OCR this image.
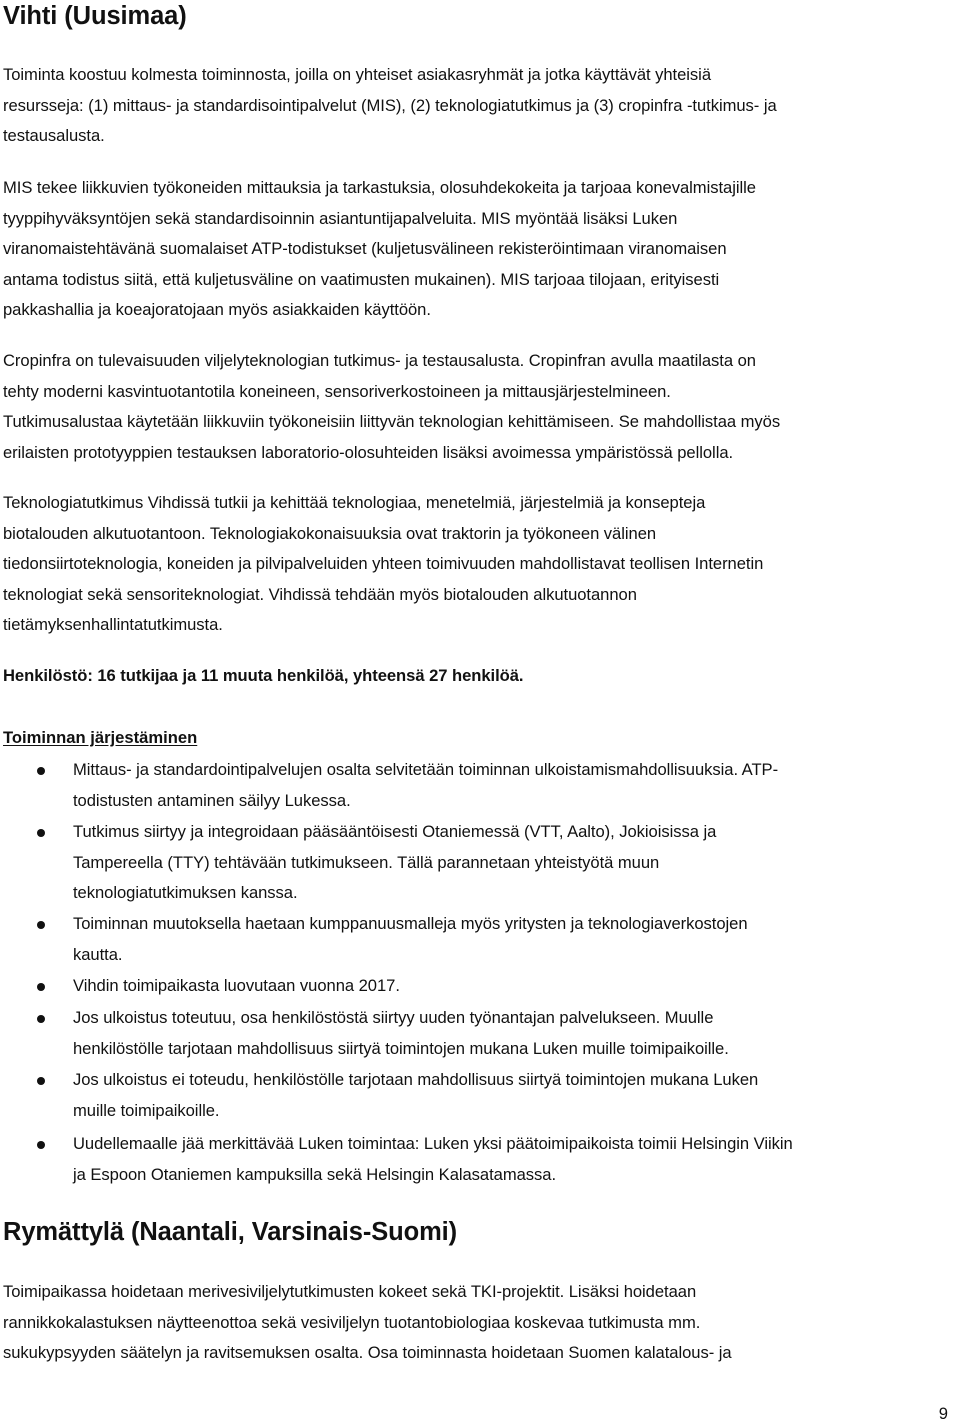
Vihti (Uusimaa)
Toiminta koostuu kolmesta toiminnosta, joilla on yhteiset asiakasryhmät ja jotka käyttävät yhteisiä
resursseja: (1) mittaus- ja standardisointipalvelut (MIS), (2) teknologiatutkimus ja (3) cropinfra -tutkimus- ja
testausalusta.
MIS tekee liikkuvien työkoneiden mittauksia ja tarkastuksia, olosuhdekokeita ja tarjoaa konevalmistajille
tyyppihyväksyntöjen sekä standardisoinnin asiantuntijapalveluita. MIS myöntää lisäksi Luken
viranomaistehtävänä suomalaiset ATP-todistukset (kuljetusvälineen rekisteröintimaan viranomaisen
antama todistus siitä, että kuljetusväline on vaatimusten mukainen). MIS tarjoaa tilojaan, erityisesti
pakkashallia ja koeajoratojaan myös asiakkaiden käyttöön.
Cropinfra on tulevaisuuden viljelyteknologian tutkimus- ja testausalusta. Cropinfran avulla maatilasta on
tehty moderni kasvintuotantotila koneineen, sensoriverkostoineen ja mittausjärjestelmineen.
Tutkimusalustaa käytetään liikkuviin työkoneisiin liittyvän teknologian kehittämiseen. Se mahdollistaa myös
erilaisten prototyyppien testauksen laboratorio-olosuhteiden lisäksi avoimessa ympäristössä pellolla.
Teknologiatutkimus Vihdissä tutkii ja kehittää teknologiaa, menetelmiä, järjestelmiä ja konsepteja
biotalouden alkutuotantoon. Teknologiakokonaisuuksia ovat traktorin ja työkoneen välinen
tiedonsiirtoteknologia, koneiden ja pilvipalveluiden yhteen toimivuuden mahdollistavat teollisen Internetin
teknologiat sekä sensoriteknologiat. Vihdissä tehdään myös biotalouden alkutuotannon
tietämyksenhallintatutkimusta.
Henkilöstö: 16 tutkijaa ja 11 muuta henkilöä, yhteensä 27 henkilöä.
Toiminnan järjestäminen
Mittaus- ja standardointipalvelujen osalta selvitetään toiminnan ulkoistamismahdollisuuksia. ATP-
todistusten antaminen säilyy Lukessa.
Tutkimus siirtyy ja integroidaan pääsääntöisesti Otaniemessä (VTT, Aalto), Jokioisissa ja
Tampereella (TTY) tehtävään tutkimukseen. Tällä parannetaan yhteistyötä muun
teknologiatutkimuksen kanssa.
Toiminnan muutoksella haetaan kumppanuusmalleja myös yritysten ja teknologiaverkostojen
kautta.
Vihdin toimipaikasta luovutaan vuonna 2017.
Jos ulkoistus toteutuu, osa henkilöstöstä siirtyy uuden työnantajan palvelukseen. Muulle
henkilöstölle tarjotaan mahdollisuus siirtyä toimintojen mukana Luken muille toimipaikoille.
Jos ulkoistus ei toteudu, henkilöstölle tarjotaan mahdollisuus siirtyä toimintojen mukana Luken
muille toimipaikoille.
Uudellemaalle jää merkittävää Luken toimintaa: Luken yksi päätoimipaikoista toimii Helsingin Viikin
ja Espoon Otaniemen kampuksilla sekä Helsingin Kalasatamassa.
Rymättylä (Naantali, Varsinais-Suomi)
Toimipaikassa hoidetaan merivesiviljelytutkimusten kokeet sekä TKI-projektit. Lisäksi hoidetaan
rannikkokalastuksen näytteenottoa sekä vesiviljelyn tuotantobiologiaa koskevaa tutkimusta mm.
sukukypsyyden säätelyn ja ravitsemuksen osalta. Osa toiminnasta hoidetaan Suomen kalatalous- ja
9
